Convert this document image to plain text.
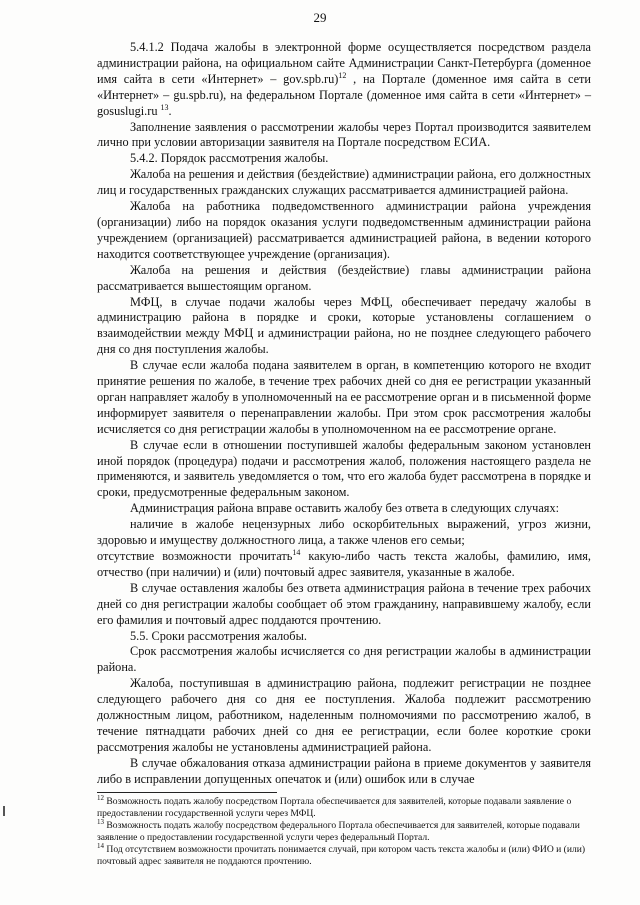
29

5.4.1.2 Подача жалобы в электронной форме осуществляется посредством раздела администрации района, на официальном сайте Администрации Санкт-Петербурга (доменное имя сайта в сети «Интернет» – gov.spb.ru)$^{12}$ , на Портале (доменное имя сайта в сети «Интернет» – gu.spb.ru), на федеральном Портале (доменное имя сайта в сети «Интернет» – gosuslugi.ru $^{13}$.

Заполнение заявления о рассмотрении жалобы через Портал производится заявителем лично при условии авторизации заявителя на Портале посредством ЕСИА.

5.4.2. Порядок рассмотрения жалобы.

Жалоба на решения и действия (бездействие) администрации района, его должностных лиц и государственных гражданских служащих рассматривается администрацией района.

Жалоба на работника подведомственного администрации района учреждения (организации) либо на порядок оказания услуги подведомственным администрации района учреждением (организацией) рассматривается администрацией района, в ведении которого находится соответствующее учреждение (организация).

Жалоба на решения и действия (бездействие) главы администрации района рассматривается вышестоящим органом.

МФЦ, в случае подачи жалобы через МФЦ, обеспечивает передачу жалобы в администрацию района в порядке и сроки, которые установлены соглашением о взаимодействии между МФЦ и администрации района, но не позднее следующего рабочего дня со дня поступления жалобы.

В случае если жалоба подана заявителем в орган, в компетенцию которого не входит принятие решения по жалобе, в течение трех рабочих дней со дня ее регистрации указанный орган направляет жалобу в уполномоченный на ее рассмотрение орган и в письменной форме информирует заявителя о перенаправлении жалобы. При этом срок рассмотрения жалобы исчисляется со дня регистрации жалобы в уполномоченном на ее рассмотрение органе.

В случае если в отношении поступившей жалобы федеральным законом установлен иной порядок (процедура) подачи и рассмотрения жалоб, положения настоящего раздела не применяются, и заявитель уведомляется о том, что его жалоба будет рассмотрена в порядке и сроки, предусмотренные федеральным законом.

Администрация района вправе оставить жалобу без ответа в следующих случаях:

наличие в жалобе нецензурных либо оскорбительных выражений, угроз жизни, здоровью и имуществу должностного лица, а также членов его семьи;

отсутствие возможности прочитать$^{14}$ какую-либо часть текста жалобы, фамилию, имя, отчество (при наличии) и (или) почтовый адрес заявителя, указанные в жалобе.

В случае оставления жалобы без ответа администрация района в течение трех рабочих дней со дня регистрации жалобы сообщает об этом гражданину, направившему жалобу, если его фамилия и почтовый адрес поддаются прочтению.

5.5. Сроки рассмотрения жалобы.

Срок рассмотрения жалобы исчисляется со дня регистрации жалобы в администрации района.

Жалоба, поступившая в администрацию района, подлежит регистрации не позднее следующего рабочего дня со дня ее поступления. Жалоба подлежит рассмотрению должностным лицом, работником, наделенным полномочиями по рассмотрению жалоб, в течение пятнадцати рабочих дней со дня ее регистрации, если более короткие сроки рассмотрения жалобы не установлены администрацией района.

В случае обжалования отказа администрации района в приеме документов у заявителя либо в исправлении допущенных опечаток и (или) ошибок или в случае

$^{12}$ Возможность подать жалобу посредством Портала обеспечивается для заявителей, которые подавали заявление о предоставлении государственной услуги через МФЦ.

$^{13}$ Возможность подать жалобу посредством федерального Портала обеспечивается для заявителей, которые подавали заявление о предоставлении государственной услуги через федеральный Портал.

$^{14}$ Под отсутствием возможности прочитать понимается случай, при котором часть текста жалобы и (или) ФИО и (или) почтовый адрес заявителя не поддаются прочтению.
